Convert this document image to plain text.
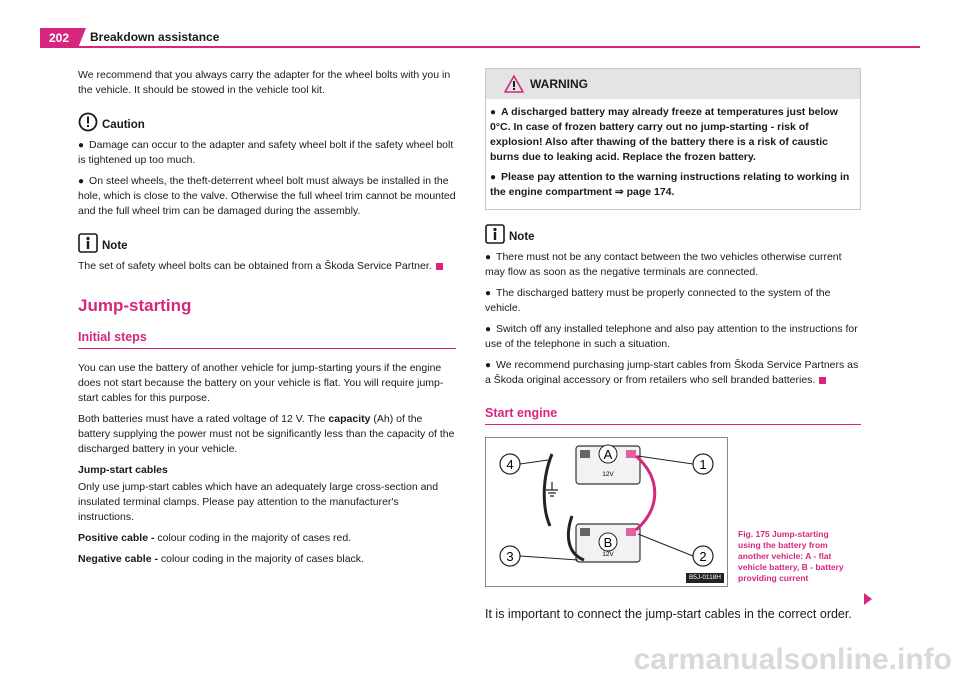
202	Breakdown assistance

We recommend that you always carry the adapter for the wheel bolts with you in the vehicle. It should be stowed in the vehicle tool kit.

Caution
● Damage can occur to the adapter and safety wheel bolt if the safety wheel bolt is tightened up too much.
● On steel wheels, the theft-deterrent wheel bolt must always be installed in the hole, which is close to the valve. Otherwise the full wheel trim cannot be mounted and the full wheel trim can be damaged during the assembly.
Note

The set of safety wheel bolts can be obtained from a Škoda Service Partner.

Jump-starting
Initial steps

You can use the battery of another vehicle for jump-starting yours if the engine does not start because the battery on your vehicle is flat. You will require jump-start cables for this purpose.

Both batteries must have a rated voltage of 12 V. The capacity (Ah) of the battery supplying the power must not be significantly less than the capacity of the discharged battery in your vehicle.

Jump-start cables

Only use jump-start cables which have an adequately large cross-section and insulated terminal clamps. Please pay attention to the manufacturer's instructions.

Positive cable - colour coding in the majority of cases red.

Negative cable - colour coding in the majority of cases black.

WARNING
● A discharged battery may already freeze at temperatures just below 0°C. In case of frozen battery carry out no jump-starting - risk of explosion! Also after thawing of the battery there is a risk of caustic burns due to leaking acid. Replace the frozen battery.
● Please pay attention to the warning instructions relating to working in the engine compartment ⇒ page 174.
Note
● There must not be any contact between the two vehicles otherwise current may flow as soon as the negative terminals are connected.
● The discharged battery must be properly connected to the system of the vehicle.
● Switch off any installed telephone and also pay attention to the instructions for use of the telephone in such a situation.
● We recommend purchasing jump-start cables from Škoda Service Partners as a Škoda original accessory or from retailers who sell branded batteries.
Start engine
A
B
12V
12V
1
2
3
4
B5J-0118H
Fig. 175 Jump-starting using the battery from another vehicle: A - flat vehicle battery, B - battery providing current

It is important to connect the jump-start cables in the correct order.

carmanualsonline.info
